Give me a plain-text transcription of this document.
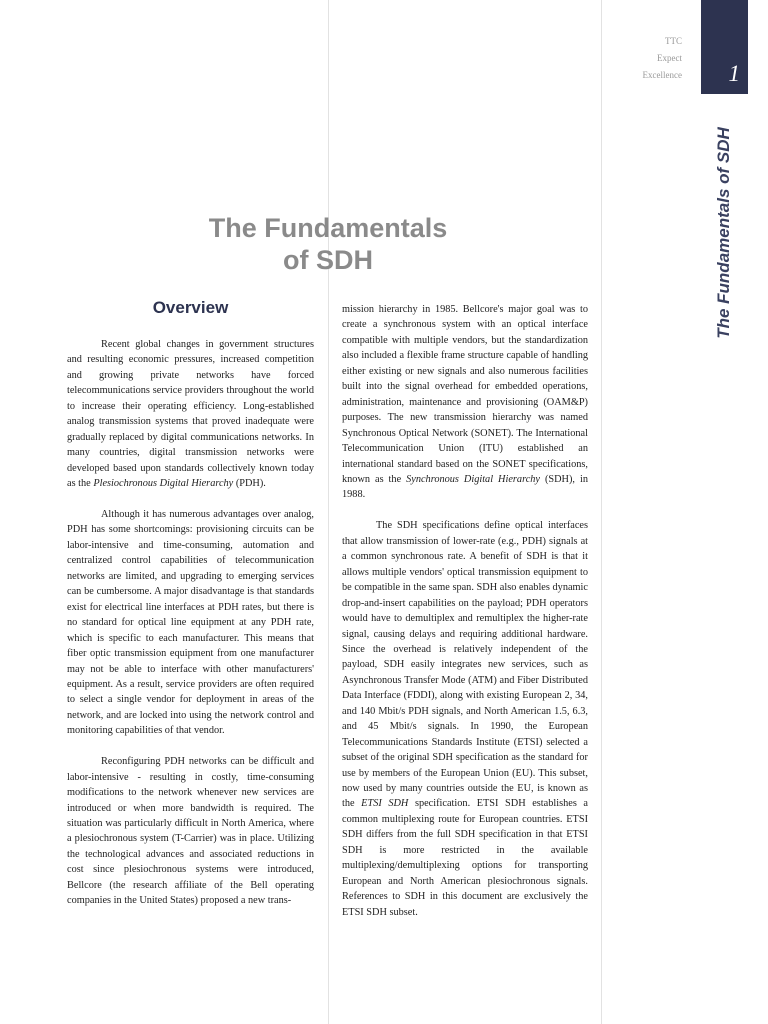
TTC
Expect
Excellence 1
The Fundamentals of SDH
The Fundamentals
of SDH
Overview

Recent global changes in government structures and resulting economic pressures, increased competition and growing private networks have forced telecommunications service providers throughout the world to increase their operating efficiency. Long-established analog transmission systems that proved inadequate were gradually replaced by digital communications networks. In many countries, digital transmission networks were developed based upon standards collectively known today as the Plesiochronous Digital Hierarchy (PDH).

Although it has numerous advantages over analog, PDH has some shortcomings: provisioning circuits can be labor-intensive and time-consuming, automation and centralized control capabilities of telecommunication networks are limited, and upgrading to emerging services can be cumbersome. A major disadvantage is that standards exist for electrical line interfaces at PDH rates, but there is no standard for optical line equipment at any PDH rate, which is specific to each manufacturer. This means that fiber optic transmission equipment from one manufacturer may not be able to interface with other manufacturers' equipment. As a result, service providers are often required to select a single vendor for deployment in areas of the network, and are locked into using the network control and monitoring capabilities of that vendor.

Reconfiguring PDH networks can be difficult and labor-intensive - resulting in costly, time-consuming modifications to the network whenever new services are introduced or when more bandwidth is required. The situation was particularly difficult in North America, where a plesiochronous system (T-Carrier) was in place. Utilizing the technological advances and associated reductions in cost since plesiochronous systems were introduced, Bellcore (the research affiliate of the Bell operating companies in the United States) proposed a new trans-

mission hierarchy in 1985. Bellcore's major goal was to create a synchronous system with an optical interface compatible with multiple vendors, but the standardization also included a flexible frame structure capable of handling either existing or new signals and also numerous facilities built into the signal overhead for embedded operations, administration, maintenance and provisioning (OAM&P) purposes. The new transmission hierarchy was named Synchronous Optical Network (SONET). The International Telecommunication Union (ITU) established an international standard based on the SONET specifications, known as the Synchronous Digital Hierarchy (SDH), in 1988.

The SDH specifications define optical interfaces that allow transmission of lower-rate (e.g., PDH) signals at a common synchronous rate. A benefit of SDH is that it allows multiple vendors' optical transmission equipment to be compatible in the same span. SDH also enables dynamic drop-and-insert capabilities on the payload; PDH operators would have to demultiplex and remultiplex the higher-rate signal, causing delays and requiring additional hardware. Since the overhead is relatively independent of the payload, SDH easily integrates new services, such as Asynchronous Transfer Mode (ATM) and Fiber Distributed Data Interface (FDDI), along with existing European 2, 34, and 140 Mbit/s PDH signals, and North American 1.5, 6.3, and 45 Mbit/s signals. In 1990, the European Telecommunications Standards Institute (ETSI) selected a subset of the original SDH specification as the standard for use by members of the European Union (EU). This subset, now used by many countries outside the EU, is known as the ETSI SDH specification. ETSI SDH establishes a common multiplexing route for European countries. ETSI SDH differs from the full SDH specification in that ETSI SDH is more restricted in the available multiplexing/demultiplexing options for transporting European and North American plesiochronous signals. References to SDH in this document are exclusively the ETSI SDH subset.
